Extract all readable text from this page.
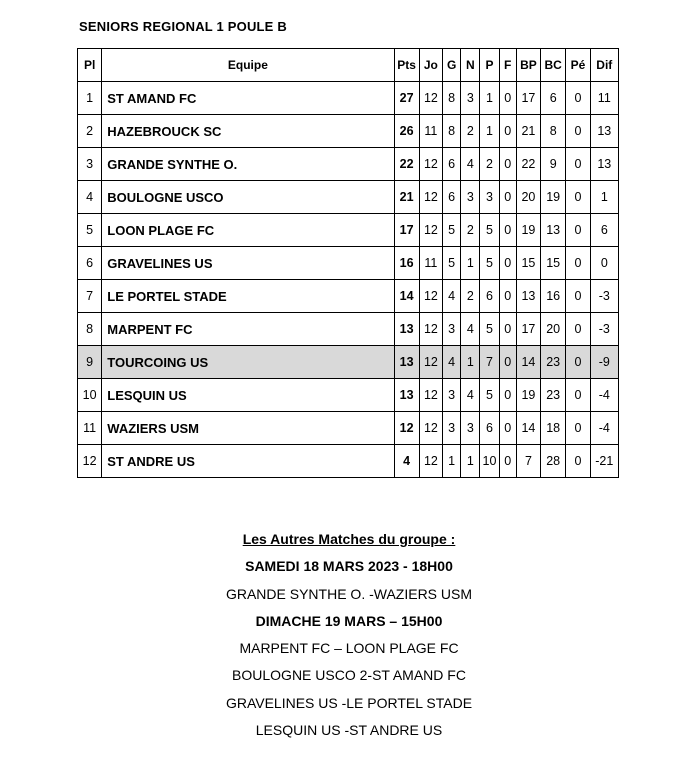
SENIORS REGIONAL 1 POULE B
Pl	Equipe	Pts	Jo	G	N	P	F	BP	BC	Pé	Dif
1	ST AMAND FC	27	12	8	3	1	0	17	6	0	11
2	HAZEBROUCK SC	26	11	8	2	1	0	21	8	0	13
3	GRANDE SYNTHE O.	22	12	6	4	2	0	22	9	0	13
4	BOULOGNE USCO	21	12	6	3	3	0	20	19	0	1
5	LOON PLAGE FC	17	12	5	2	5	0	19	13	0	6
6	GRAVELINES US	16	11	5	1	5	0	15	15	0	0
7	LE PORTEL STADE	14	12	4	2	6	0	13	16	0	-3
8	MARPENT FC	13	12	3	4	5	0	17	20	0	-3
9	TOURCOING US	13	12	4	1	7	0	14	23	0	-9
10	LESQUIN US	13	12	3	4	5	0	19	23	0	-4
11	WAZIERS USM	12	12	3	3	6	0	14	18	0	-4
12	ST ANDRE US	4	12	1	1	10	0	7	28	0	-21
Les Autres Matches du groupe :
SAMEDI 18 MARS 2023 - 18H00
GRANDE SYNTHE O. -WAZIERS USM
DIMACHE 19 MARS – 15H00
MARPENT FC – LOON PLAGE FC
BOULOGNE USCO 2-ST AMAND FC
GRAVELINES US -LE PORTEL STADE
LESQUIN US -ST ANDRE US
